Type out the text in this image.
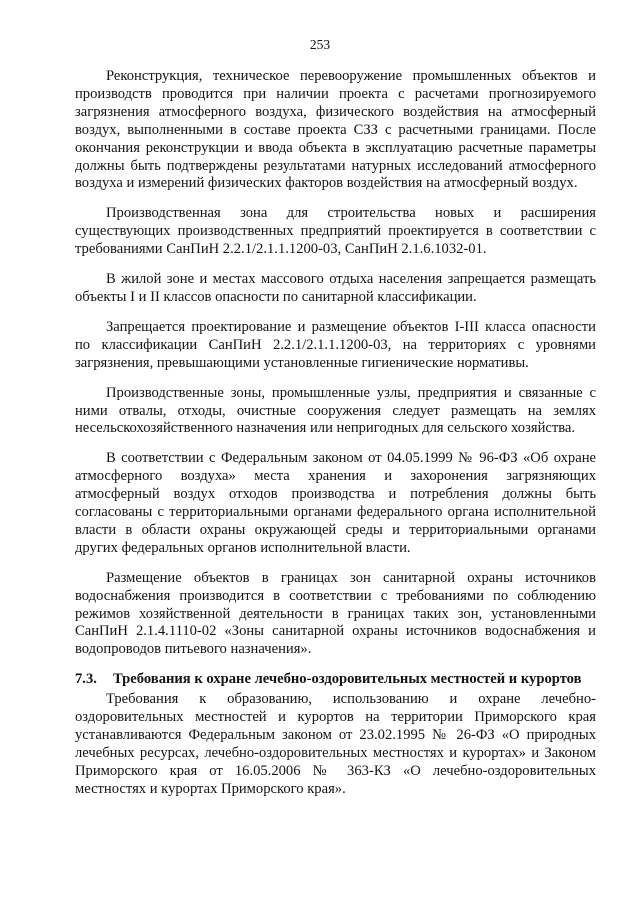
253

Реконструкция, техническое перевооружение промышленных объектов и производств проводится при наличии проекта с расчетами прогнозируемого загрязнения атмосферного воздуха, физического воздействия на атмосферный воздух, выполненными в составе проекта СЗЗ с расчетными границами. После окончания реконструкции и ввода объекта в эксплуатацию расчетные параметры должны быть подтверждены результатами натурных исследований атмосферного воздуха и измерений физических факторов воздействия на атмосферный воздух.

Производственная зона для строительства новых и расширения существующих производственных предприятий проектируется в соответствии с требованиями СанПиН 2.2.1/2.1.1.1200-03, СанПиН 2.1.6.1032-01.

В жилой зоне и местах массового отдыха населения запрещается размещать объекты I и II классов опасности по санитарной классификации.

Запрещается проектирование и размещение объектов I-III класса опасности по классификации СанПиН 2.2.1/2.1.1.1200-03, на территориях с уровнями загрязнения, превышающими установленные гигиенические нормативы.

Производственные зоны, промышленные узлы, предприятия и связанные с ними отвалы, отходы, очистные сооружения следует размещать на землях несельскохозяйственного назначения или непригодных для сельского хозяйства.

В соответствии с Федеральным законом от 04.05.1999 № 96-ФЗ «Об охране атмосферного воздуха» места хранения и захоронения загрязняющих атмосферный воздух отходов производства и потребления должны быть согласованы с территориальными органами федерального органа исполнительной власти в области охраны окружающей среды и территориальными органами других федеральных органов исполнительной власти.

Размещение объектов в границах зон санитарной охраны источников водоснабжения производится в соответствии с требованиями по соблюдению режимов хозяйственной деятельности в границах таких зон, установленными СанПиН 2.1.4.1110-02 «Зоны санитарной охраны источников водоснабжения и водопроводов питьевого назначения».

7.3.	Требования к охране лечебно-оздоровительных местностей и курортов

Требования к образованию, использованию и охране лечебно-оздоровительных местностей и курортов на территории Приморского края устанавливаются Федеральным законом от 23.02.1995 № 26-ФЗ «О природных лечебных ресурсах, лечебно-оздоровительных местностях и курортах» и Законом Приморского края от 16.05.2006 № 363-КЗ «О лечебно-оздоровительных местностях и курортах Приморского края».
